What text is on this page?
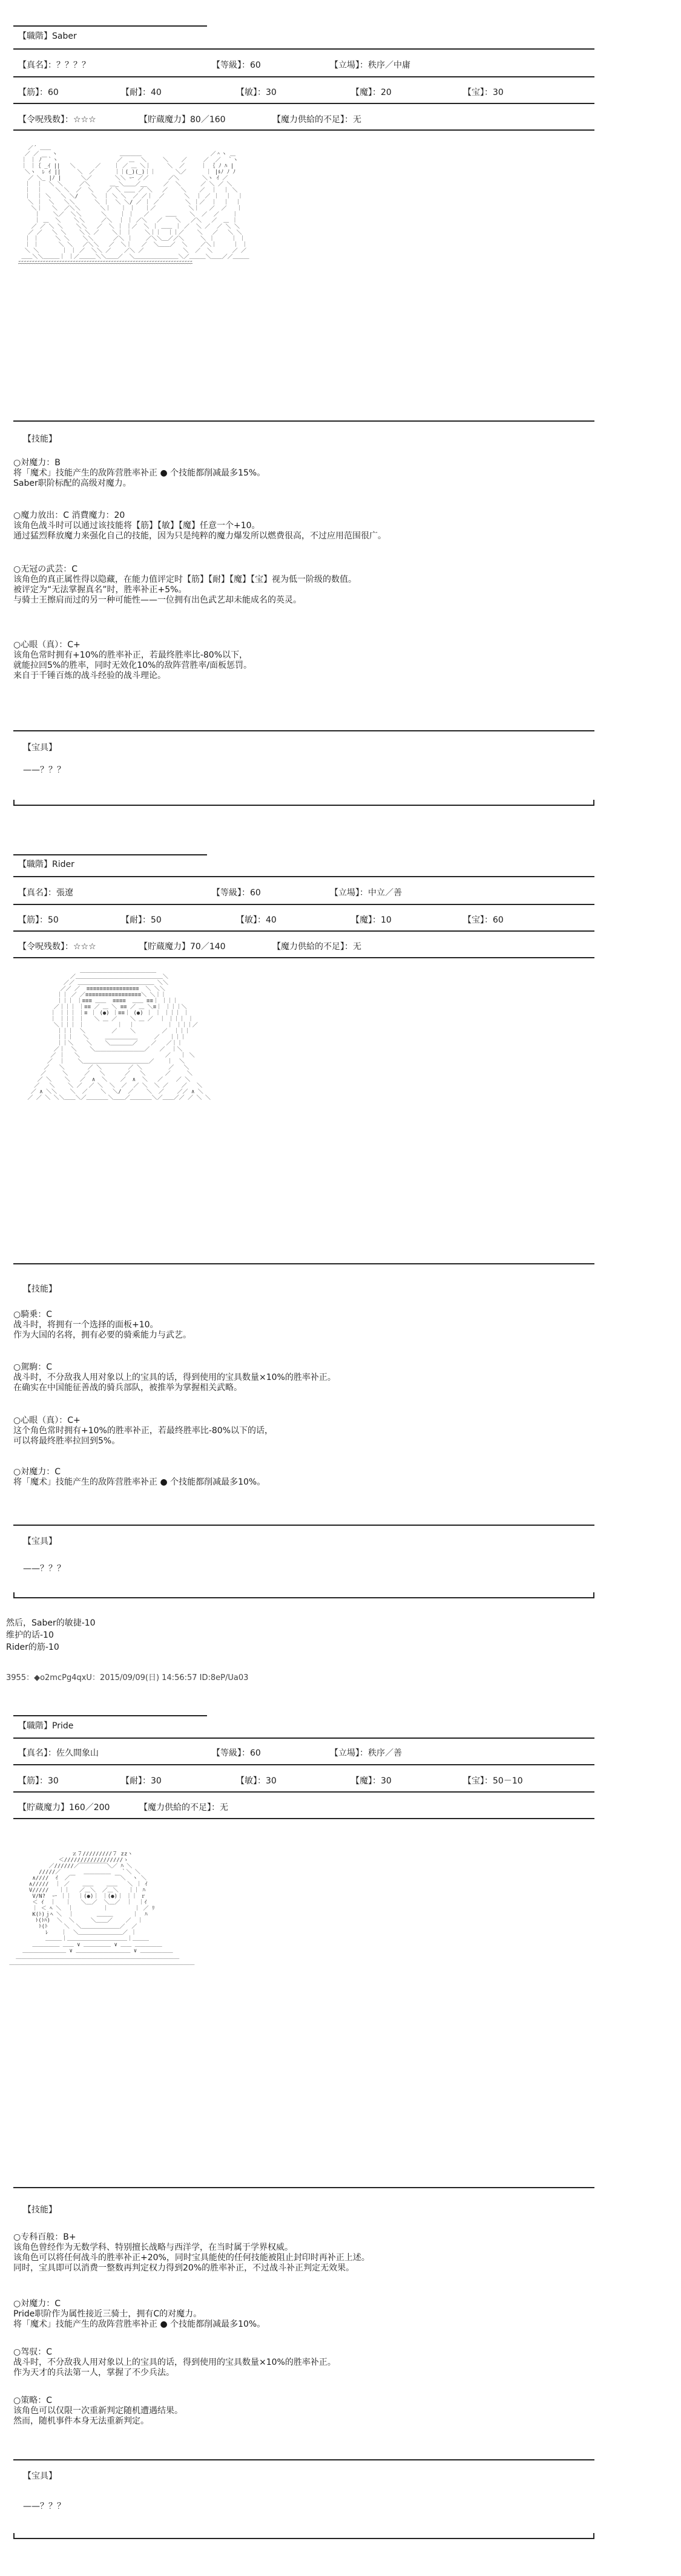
【職階】Saber
【真名】：？？？？	【等級】：60	【立場】：秩序／中庸
【筋】：60	【耐】：40	【敏】：30	【魔】：20	【宝】：30
【令呪残数】：☆☆☆	【貯蔵魔力】80／160	【魔力供給的不足】：无
／´ ＿＿
／ ／    ヽ                   ＿＿＿＿                     ／＾ヽ ＿
｜ ｜ ﾉ￣｀ヽ                  ／  ＿  ＼     ＼    ／     ／  ／  ｀ヽ
｜ ｜｛ _ｲ ||   ＼      ／    ｜ ／ ＿ ＼｜     ＼  ／     ｜ ｛ ﾉ ﾊ |
＼ヽ  ﾚ ｲ ||     ＼  ／      ｜｜(_)(_)｜｜      ＼／      ｜ |ﾙﾉ ﾉ ﾉ
／ ＼_ |ﾉ |      ＼／       ＼＼ ー ／／      ／＼       ＼ヽ ｲ ／
｜  ｜  ＼ ＼     ／＼      ＿_＼＿＿／__     ／  ＼      ／ ＼ ／ ＼
｜  ｜    ＼ ＼  ／  ＼    ／ ＼ ＿＿ ／ ＼   ／    ＼    ／  ｜  ｜ ＼
｜  ｜ ＼   ＼ ＼/    ＼  ｜ ＼ ＼  ／ ／｜  ／      ＼  ｜ ／ ｜  ｜  ｜
＼ ｜  ＼   ＼＼      ＼ ｜  ＼ ＼/ ／ ｜ ／        ＼ ｜／  ｜  ｜  ｜
＼｜   ＼  ／＼＼      ＼｜   ｜ ｜   ｜／          ＼｜   ／  ／   ｜
｜    ＼／  ＼＼      ＼    ｜ ｜   ／     ＿＿    ＼  ／  ／    ｜
｜ ＿  ＼    ＼＼     ／＼  ｜ ｜ ／＼   ／    ＼   ／＼   ／  ＿ ｜
／ ／ ＼ ＼    ＼＼   ／  ＼ ｜ ｜／  ＼ ｜ ＿＿ ｜ ／  ＼ ／  ／ ＼ ＼
／ ／   ＼ ＼    ＼＼ ／    ＼｜ ｜    ＼｜｜  ｜｜／    ＼   ／   ＼ ＼
｜ ｜     ＼ ＼    ＼＼      ／＼ ｜    ／＼＼＿／／＼     ＼ ｜     ｜ ｜
｜ ｜      ＼ ＼   ／＼＼   ／  ＼｜   ／  ＼＿＿／  ＼    ／＼｜     ｜ ｜
＼ ＼       ｜ ｜ ／  ＼＼ ／    ／＼ ／            ＼  ／  ＼      ／ ／
＿＿＼＼＿＿＿｜ ｜／＿＿＿＼＼＿＿／  ＼＿＿＿＿＿＿＿＿＼／＿＿＿＼＿＿／／＿＿＿
ﾆﾆﾆﾆﾆﾆﾆﾆﾆﾆﾆﾆﾆﾆﾆﾆﾆﾆﾆﾆﾆﾆﾆﾆﾆﾆﾆﾆﾆﾆﾆﾆﾆﾆﾆﾆﾆﾆﾆﾆﾆﾆﾆﾆﾆﾆﾆﾆﾆﾆﾆﾆﾆﾆﾆﾆﾆﾆﾆﾆﾆﾆﾆﾆ

【技能】
○対魔力：B
将「魔术」技能产生的敌阵营胜率补正 ● 个技能都削减最多15%。
Saber职阶标配的高级对魔力。
○魔力放出：C 消費魔力：20
该角色战斗时可以通过该技能将【筋】【敏】【魔】任意一个+10。
通过猛烈释放魔力来强化自己的技能，因为只是纯粹的魔力爆发所以燃费很高，不过应用范围很广。
○无冠の武芸：C
该角色的真正属性得以隐藏，在能力值评定时【筋】【耐】【魔】【宝】视为低一阶级的数值。
被评定为“无法掌握真名”时，胜率补正+5%。
与骑士王擦肩而过的另一种可能性——一位拥有出色武艺却未能成名的英灵。
○心眼（真）：C+
该角色常时拥有+10%的胜率补正，若最终胜率比-80%以下，
就能拉回5%的胜率，同时无效化10%的敌阵营胜率/面板惩罚。
来自于千锤百炼的战斗经验的战斗理论。
【宝具】
——？？？
【職階】Rider
【真名】：張遼	【等級】：60	【立場】：中立／善
【筋】：50	【耐】：50	【敏】：40	【魔】：10	【宝】：60
【令呪残数】：☆☆☆	【貯蔵魔力】70／140	【魔力供給的不足】：无
＿＿＿＿＿＿＿＿＿＿＿＿＿＿
／＿＿＿＿＿＿＿＿＿＿＿＿＿＿＿＿＼
／／ ＿＿＿＿＿＿＿＿＿＿＿＿＿＿ ＼＼
／／ ／  ≡≡≡≡≡≡≡≡≡≡≡≡≡≡≡≡  ＼ ＼＼
｜｜ ／ ／≡≡≡≡≡≡≡≡≡≡≡≡≡≡≡≡≡＼ ＼｜｜
｜｜｜ ｜≡≡≡ ＿＿  ≡≡≡≡  ＿＿ ≡≡｜ ｜｜｜
／｜｜｜ ｜≡≡ ／ ＿ ＼ ≡≡ ／ ＿ ＼≡｜ ｜｜｜＼
｜ ｜｜｜ ｜≡ ｜ (●) ｜≡≡｜ (●) ｜ ｜ ｜｜｜ ｜
｜ ｜｜｜ ｜   ＼ ＿ ／    ＼ ＿ ／  ｜ ｜｜｜ ｜
＼｜｜｜ ｜          ｜  ｜          ｜ ｜｜｜／
｜｜｜  ＼        ／    ＼        ／  ｜｜｜
｜｜｜   ＼     ＿＿＿＿＿＿     ／   ｜｜｜
｜｜＼    ＼    ＼＿＿＿＿／    ／   ／｜｜
／｜  ＼    ＼＿＿＿＿＿＿＿＿＿／   ／  ｜＼
／ ｜   ＼                          ／   ｜ ＼
／  ｜    ＼＿＿＿＿＿＿＿＿＿＿＿＿／    ｜  ＼
／   ＼       ／ ＼        ／ ＼        ／   ＼
／     ＼     ／   ＼      ／   ＼      ／     ＼
／ ＼    ＼   ／  ∧  ＼    ／  ∧  ＼   ／    ／ ＼
／   ＼    ＼ ／  ／ ＼  ＼  ／  ／ ＼  ＼ ／    ／   ＼
／ ∧ ＼＼    ＼  ／    ＼  ＼/  ／    ＼  ／    ／／ ∧ ＼
／ ／ ＼ ＼＼＿＿＼／＿＿＿＿＼＿＿／＿＿＿＿＼／＿＿／／ ／ ＼ ＼

【技能】
○騎乗：C
战斗时，将拥有一个选择的面板+10。
作为大国的名将，拥有必要的骑乘能力与武艺。
○駕駒：C
战斗时，不分敌我人用对象以上的宝具的话，得到使用的宝具数量×10%的胜率补正。
在确实在中国能征善战的骑兵部队，被推举为掌握相关武略。
○心眼（真）：C+
这个角色常时拥有+10%的胜率补正，若最终胜率比-80%以下的话，
可以将最终胜率拉回到5%。
○対魔力：C
将「魔术」技能产生的敌阵营胜率补正 ● 个技能都削减最多10%。
【宝具】
——？？？
然后，Saber的敏捷-10
维护的话-10
Rider的筋-10
3955：◆o2mcPg4qxU：2015/09/09(日) 14:56:57 ID:8eP/Ua03
【職階】Pride
【真名】：佐久間象山	【等級】：60	【立場】：秩序／善
【筋】：30	【耐】：30	【敏】：30	【魔】：30	【宝】：50－10
【貯蔵魔力】160／200	【魔力供給的不足】：无
ｚ７/////////７ zzヽ
＜//////////////////ゝ
／//////／￣￣￣￣￣＼／ ﾊ ＼
/////／       ＿＿＿＿＿   ｀＼ ＼
∧////  ｲ  ／￣            ￣＼  ヽ ＼
∧/////  ｜ ／    ＿＿    ＿＿   ＼ ｜ ｲ
V/////   ｜｜   ／＿＼  ／＿＼   ｜｜ ﾊ
V/N?  ー ｜｜  ｜(●)｜ ｜(●)｜ ｜｜ ｒ
＜ ｲ  ｜   ｜   ＼＿／  ＼＿／  ｜  ｜ｲ
｜ ＜ ﾍ ＼  ｜         ｜        ｜ ／ ﾘ
K(ﾄ)ｊﾍ ＼  ｜       ＿＿＿      ｜  ﾊ
ﾄ(ﾄﾊ)  ＼  ＼     ＼＿＿／    ／  ｜
ﾄ(ﾄ     ＼  ＼＿＿＿＿＿＿＿／  ／
ﾚ    ｜  ＼＿＿＿＿＿＿＿＿／ ｜
＿＿＿｜＿＿＿＿＿＿＿＿＿＿＿｜＿＿＿
＿＿＿＿＿ ＿＿ ∨ ＿＿＿＿＿ ∨ ＿＿ ＿＿＿＿＿
＿＿＿＿＿＿＿＿ ∨ ＿＿＿＿＿＿＿＿＿＿ ∨ ＿＿＿＿＿＿
＿＿＿＿＿＿＿＿＿＿＿＿＿＿＿＿＿＿＿＿＿＿＿＿＿＿＿＿＿＿
＿＿＿＿＿＿＿＿＿＿＿＿＿＿＿＿＿＿＿＿＿＿＿＿＿＿＿＿＿＿＿＿＿＿

【技能】
○专科百般：B+
该角色曾经作为无数学科、特别擅长战略与西洋学，在当时属于学界权威。
该角色可以将任何战斗的胜率补正+20%，同时宝具能使的任何技能被阻止封印时再补正上述。
同时，宝具即可以消费一整数再判定权力得到20%的胜率补正，不过战斗补正判定无效果。
○対魔力：C
Pride职阶作为属性接近三骑士，拥有C的对魔力。
将「魔术」技能产生的敌阵营胜率补正 ● 个技能都削减最多10%。
○驾驭：C
战斗时，不分敌我人用对象以上的宝具的话，得到使用的宝具数量×10%的胜率补正。
作为天才的兵法第一人，掌握了不少兵法。
○策略：C
该角色可以仅限一次重新判定随机遭遇结果。
然而，随机事件本身无法重新判定。
【宝具】
——？？？
